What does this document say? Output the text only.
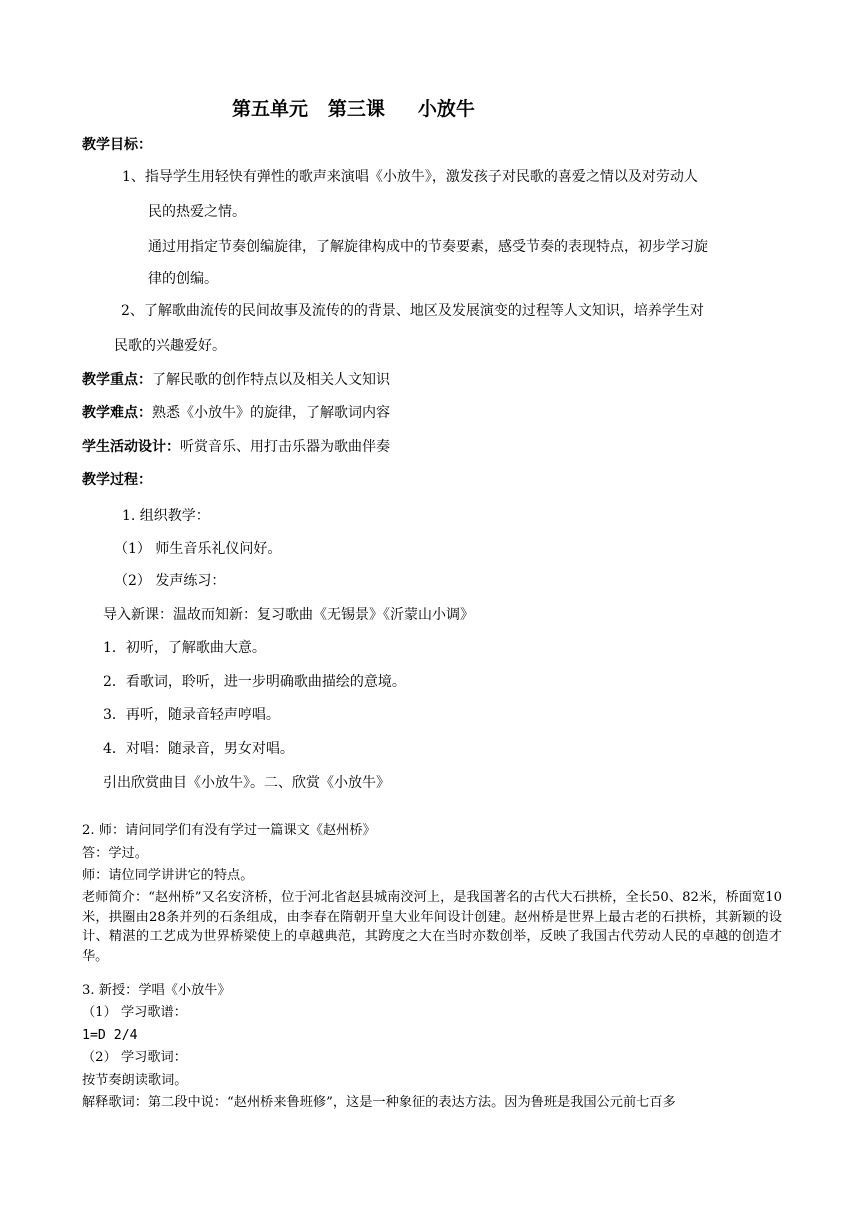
第五单元   第三课     小放牛
教学目标：
1、指导学生用轻快有弹性的歌声来演唱《小放牛》，激发孩子对民歌的喜爱之情以及对劳动人
民的热爱之情。
通过用指定节奏创编旋律，了解旋律构成中的节奏要素，感受节奏的表现特点，初步学习旋
律的创编。
2、了解歌曲流传的民间故事及流传的的背景、地区及发展演变的过程等人文知识，培养学生对
民歌的兴趣爱好。
教学重点：了解民歌的创作特点以及相关人文知识
教学难点：熟悉《小放牛》的旋律，了解歌词内容
学生活动设计：听赏音乐、用打击乐器为歌曲伴奏
教学过程：
1. 组织教学：
（1） 师生音乐礼仪问好。
（2） 发声练习：
导入新课：温故而知新：复习歌曲《无锡景》《沂蒙山小调》
1．初听，了解歌曲大意。
2．看歌词，聆听，进一步明确歌曲描绘的意境。
3．再听，随录音轻声哼唱。
4．对唱：随录音，男女对唱。
引出欣赏曲目《小放牛》。二、欣赏《小放牛》
2. 师：请问同学们有没有学过一篇课文《赵州桥》
答：学过。
师：请位同学讲讲它的特点。
老师简介：“赵州桥”又名安济桥，位于河北省赵县城南洨河上，是我国著名的古代大石拱桥，全长50、82米，桥面宽10米，拱圈由28条并列的石条组成，由李春在隋朝开皇大业年间设计创建。赵州桥是世界上最古老的石拱桥，其新颖的设计、精湛的工艺成为世界桥梁使上的卓越典范，其跨度之大在当时亦数创举，反映了我国古代劳动人民的卓越的创造才华。
3. 新授：学唱《小放牛》
（1） 学习歌谱：
1=D 2/4
（2） 学习歌词：
按节奏朗读歌词。
解释歌词：第二段中说：“赵州桥来鲁班修”，这是一种象征的表达方法。因为鲁班是我国公元前七百多
